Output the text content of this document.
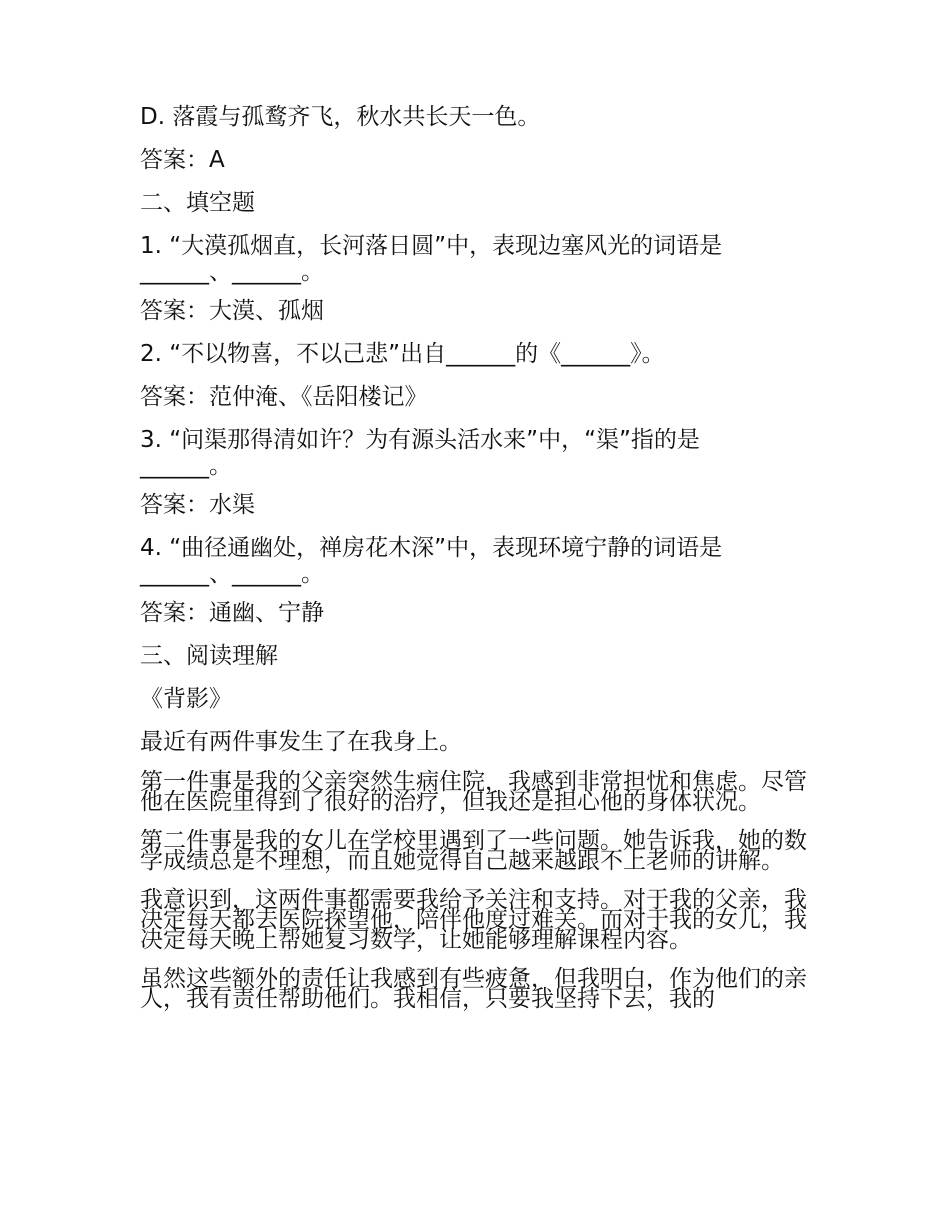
D. 落霞与孤鹜齐飞，秋水共长天一色。
答案：A
二、填空题
1. “大漠孤烟直，长河落日圆”中，表现边塞风光的词语是
______、______。
答案：大漠、孤烟
2. “不以物喜，不以己悲”出自______的《______》。
答案：范仲淹、《岳阳楼记》
3. “问渠那得清如许？为有源头活水来”中，“渠”指的是
______。
答案：水渠
4. “曲径通幽处，禅房花木深”中，表现环境宁静的词语是
______、______。
答案：通幽、宁静
三、阅读理解
《背影》
最近有两件事发生了在我身上。
第一件事是我的父亲突然生病住院，我感到非常担忧和焦虑。尽管他在医院里得到了很好的治疗，但我还是担心他的身体状况。
第二件事是我的女儿在学校里遇到了一些问题。她告诉我，她的数学成绩总是不理想，而且她觉得自己越来越跟不上老师的讲解。
我意识到，这两件事都需要我给予关注和支持。对于我的父亲，我决定每天都去医院探望他，陪伴他度过难关。而对于我的女儿，我决定每天晚上帮她复习数学，让她能够理解课程内容。
虽然这些额外的责任让我感到有些疲惫，但我明白，作为他们的亲人，我有责任帮助他们。我相信，只要我坚持下去，我的
